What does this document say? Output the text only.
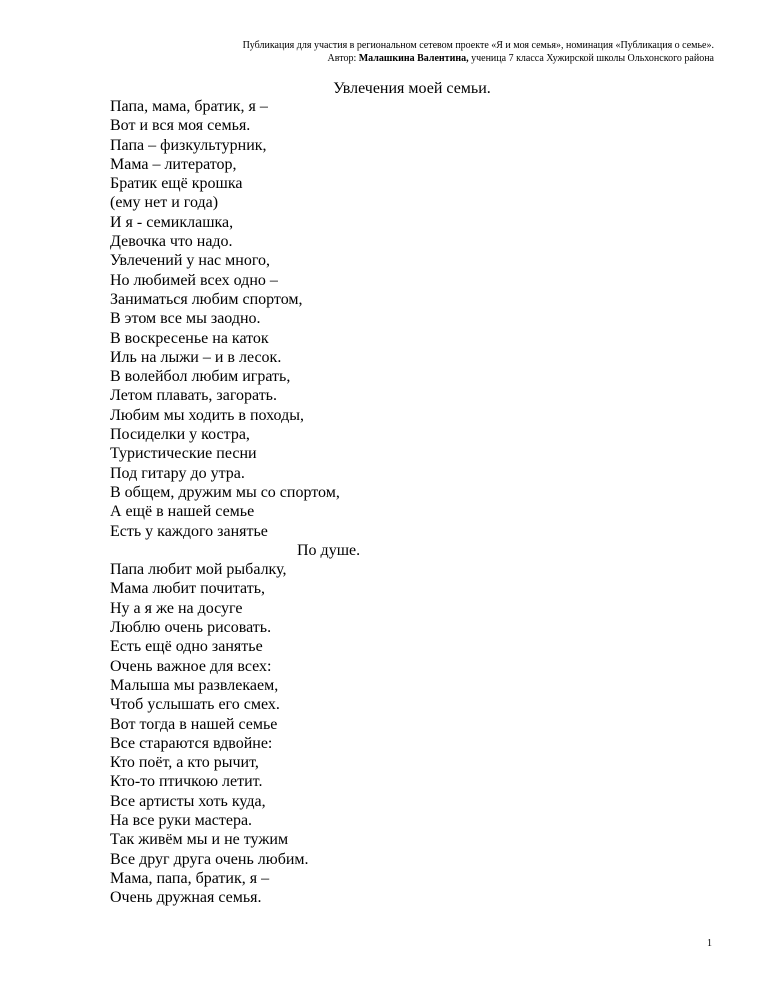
Публикация для участия в региональном сетевом проекте «Я и моя семья», номинация «Публикация о семье».
Автор: Малашкина Валентина, ученица 7 класса Хужирской школы Ольхонского района
Увлечения моей семьи.
Папа, мама, братик, я –
Вот и вся моя семья.
Папа – физкультурник,
Мама – литератор,
Братик ещё крошка
(ему нет и года)
И я - семиклашка,
Девочка что надо.
Увлечений у нас много,
Но любимей всех одно –
Заниматься любим спортом,
В этом все мы заодно.
В воскресенье на каток
Иль на лыжи – и в лесок.
В волейбол любим играть,
Летом плавать, загорать.
Любим мы ходить в походы,
Посиделки у костра,
Туристические песни
Под гитару до утра.
В общем, дружим мы со спортом,
А ещё в нашей семье
Есть у каждого занятье
По душе.
Папа любит мой рыбалку,
Мама любит почитать,
Ну а я же на досуге
Люблю очень рисовать.
Есть ещё одно занятье
Очень важное для всех:
Малыша мы развлекаем,
Чтоб услышать его смех.
Вот тогда в нашей семье
Все стараются вдвойне:
Кто поёт, а кто рычит,
Кто-то птичкою летит.
Все артисты хоть куда,
На все руки мастера.
Так живём мы и не тужим
Все друг друга очень любим.
Мама, папа, братик, я –
Очень дружная семья.
1
